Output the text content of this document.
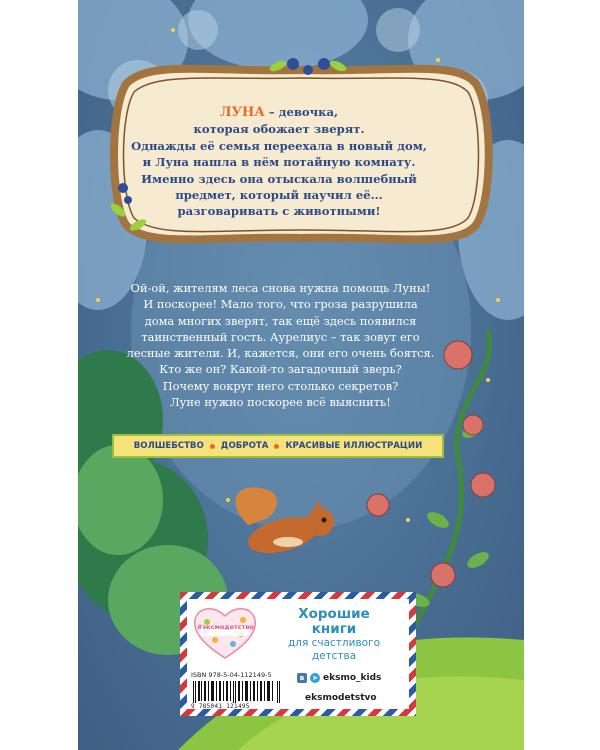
ЛУНА – девочка,

которая обожает зверят.

Однажды её семья переехала в новый дом,

и Луна нашла в нём потайную комнату.

Именно здесь она отыскала волшебный

предмет, который научил её...

разговаривать с животными!

Ой-ой, жителям леса снова нужна помощь Луны!

И поскорее! Мало того, что гроза разрушила

дома многих зверят, так ещё здесь появился

таинственный гость. Аурелиус – так зовут его

лесные жители. И, кажется, они его очень боятся.

Кто же он? Какой-то загадочный зверь?

Почему вокруг него столько секретов?

Луне нужно поскорее всё выяснить!

ВОЛШЕБСТВО ДОБРОТА КРАСИВЫЕ ИЛЛЮСТРАЦИИ
#эксмодетство
Хорошие
книги
для счастливого
детства
ISBN 978-5-04-112149-5
9 785041 121495
в	➤ eksmo_kids
eksmodetstvo
